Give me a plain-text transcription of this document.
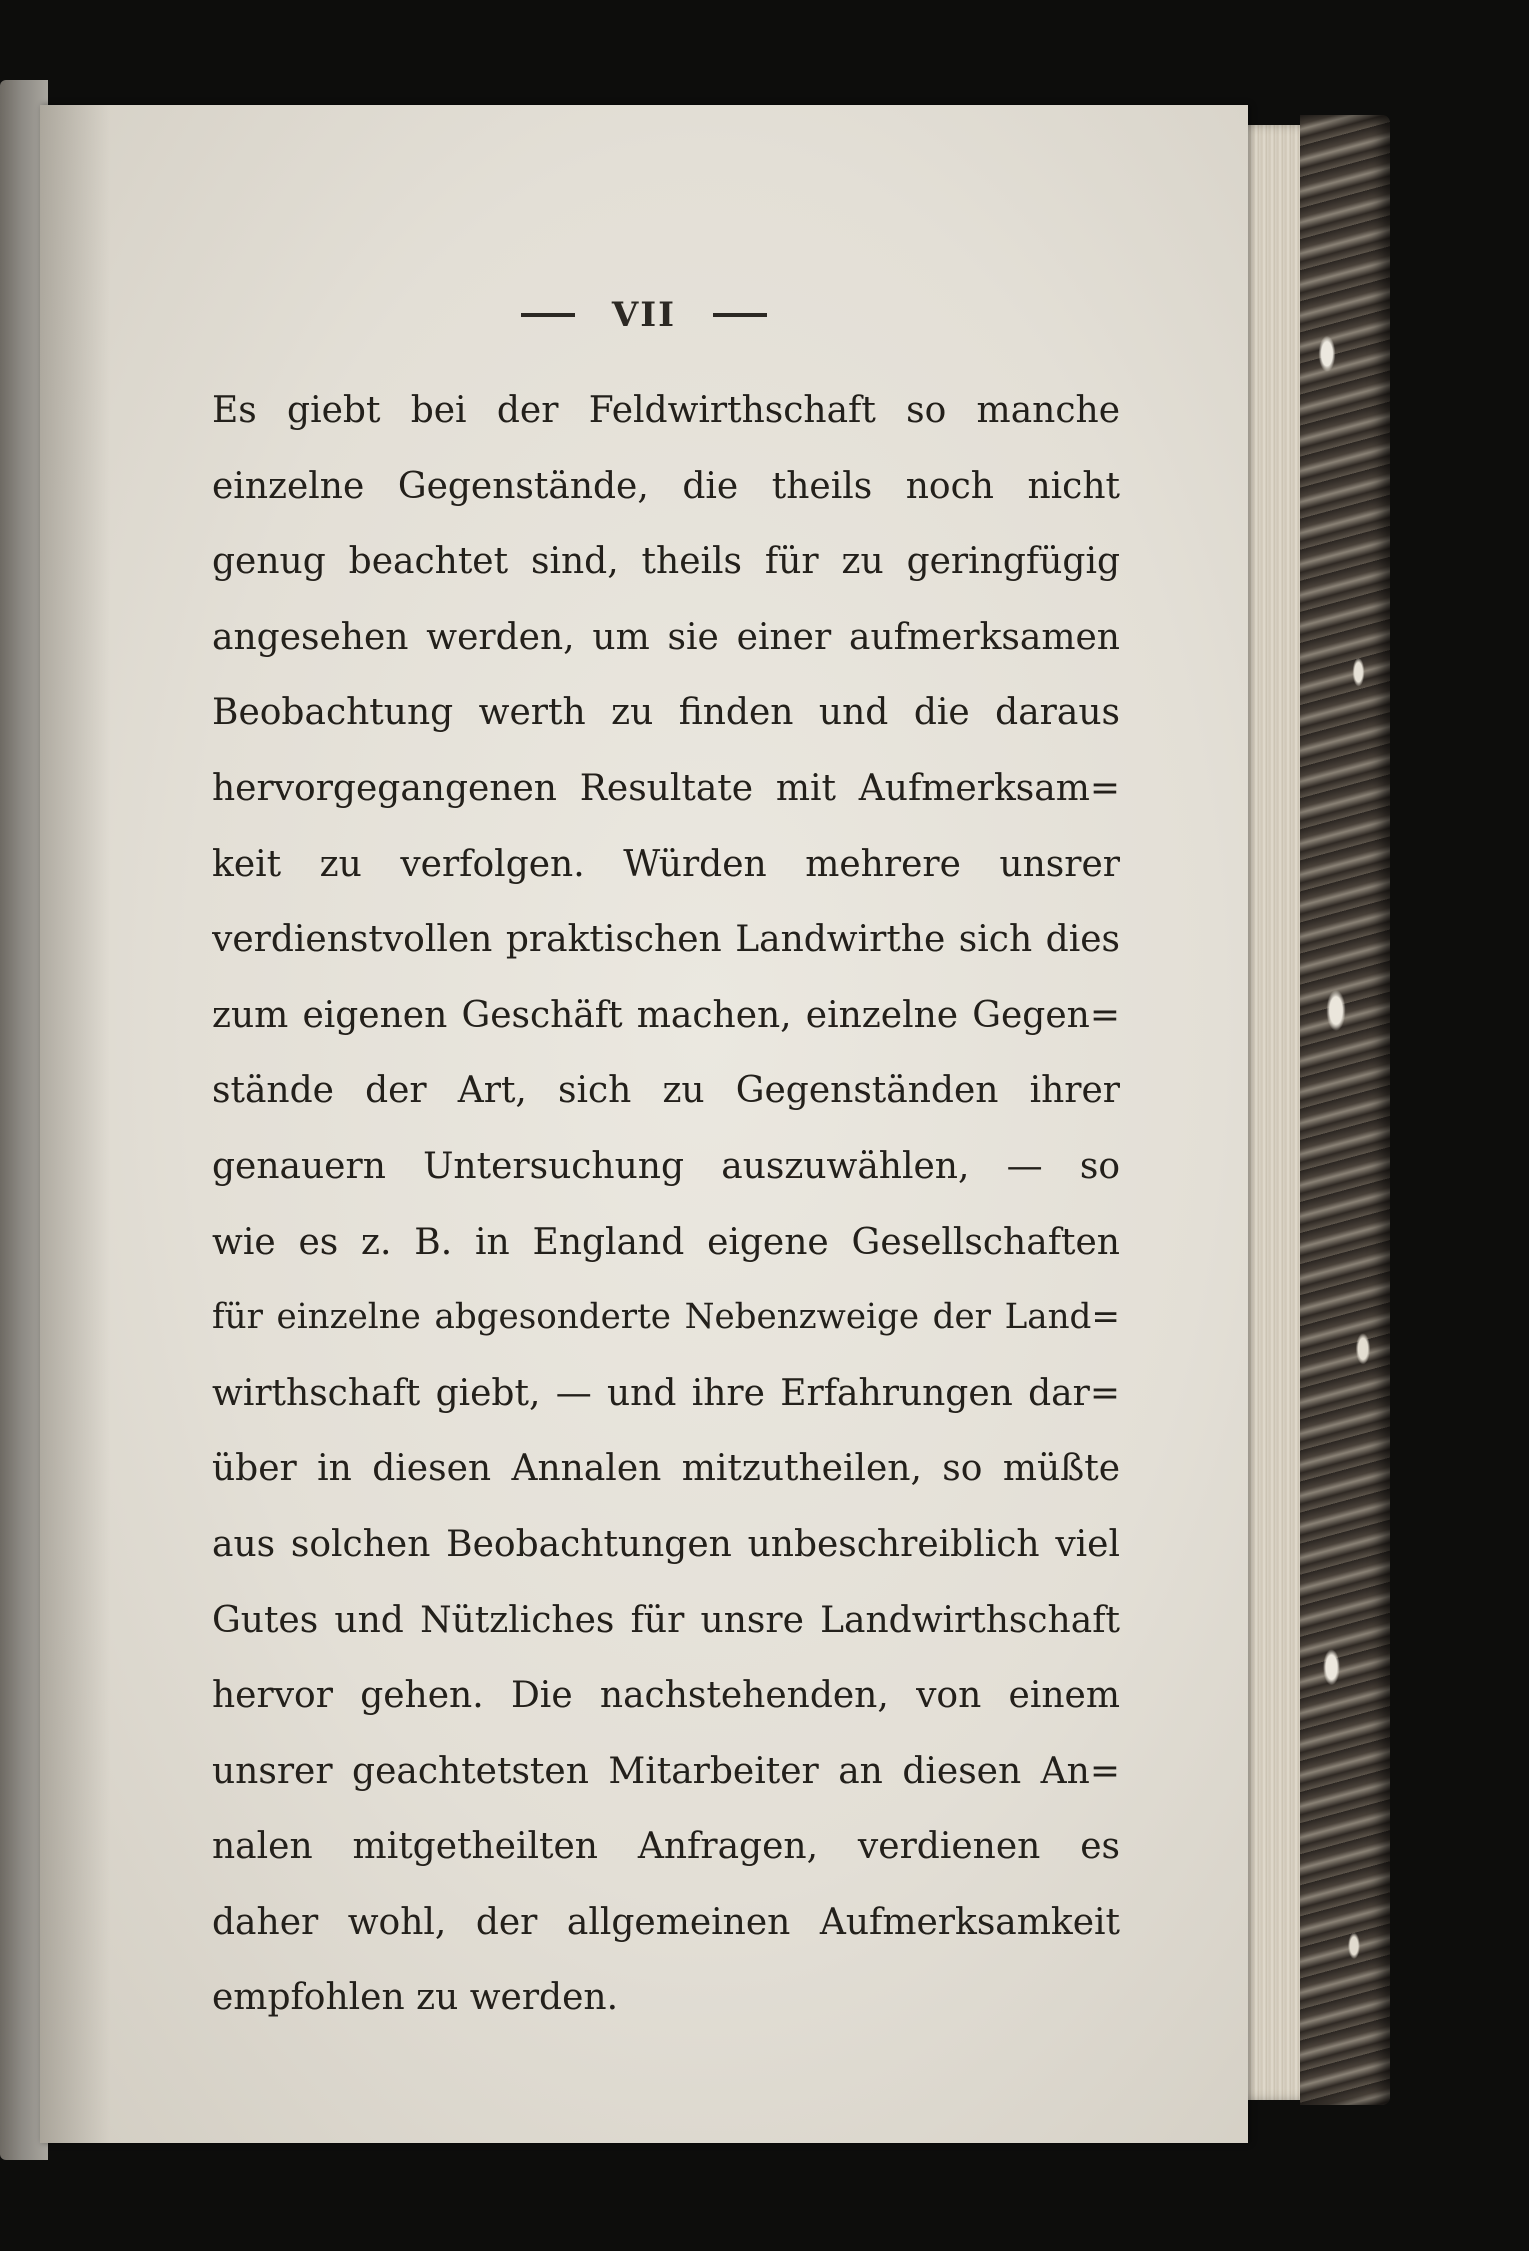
VII
Es giebt bei der Feldwirthschaft so manche
einzelne Gegenstände, die theils noch nicht
genug beachtet sind, theils für zu geringfügig
angesehen werden, um sie einer aufmerksamen
Beobachtung werth zu finden und die daraus
hervorgegangenen Resultate mit Aufmerksam=
keit zu verfolgen. Würden mehrere unsrer
verdienstvollen praktischen Landwirthe sich dies
zum eigenen Geschäft machen, einzelne Gegen=
stände der Art, sich zu Gegenständen ihrer
genauern Untersuchung auszuwählen, — so
wie es z. B. in England eigene Gesellschaften
für einzelne abgesonderte Nebenzweige der Land=
wirthschaft giebt, — und ihre Erfahrungen dar=
über in diesen Annalen mitzutheilen, so müßte
aus solchen Beobachtungen unbeschreiblich viel
Gutes und Nützliches für unsre Landwirthschaft
hervor gehen. Die nachstehenden, von einem
unsrer geachtetsten Mitarbeiter an diesen An=
nalen mitgetheilten Anfragen, verdienen es
daher wohl, der allgemeinen Aufmerksamkeit
empfohlen zu werden.
